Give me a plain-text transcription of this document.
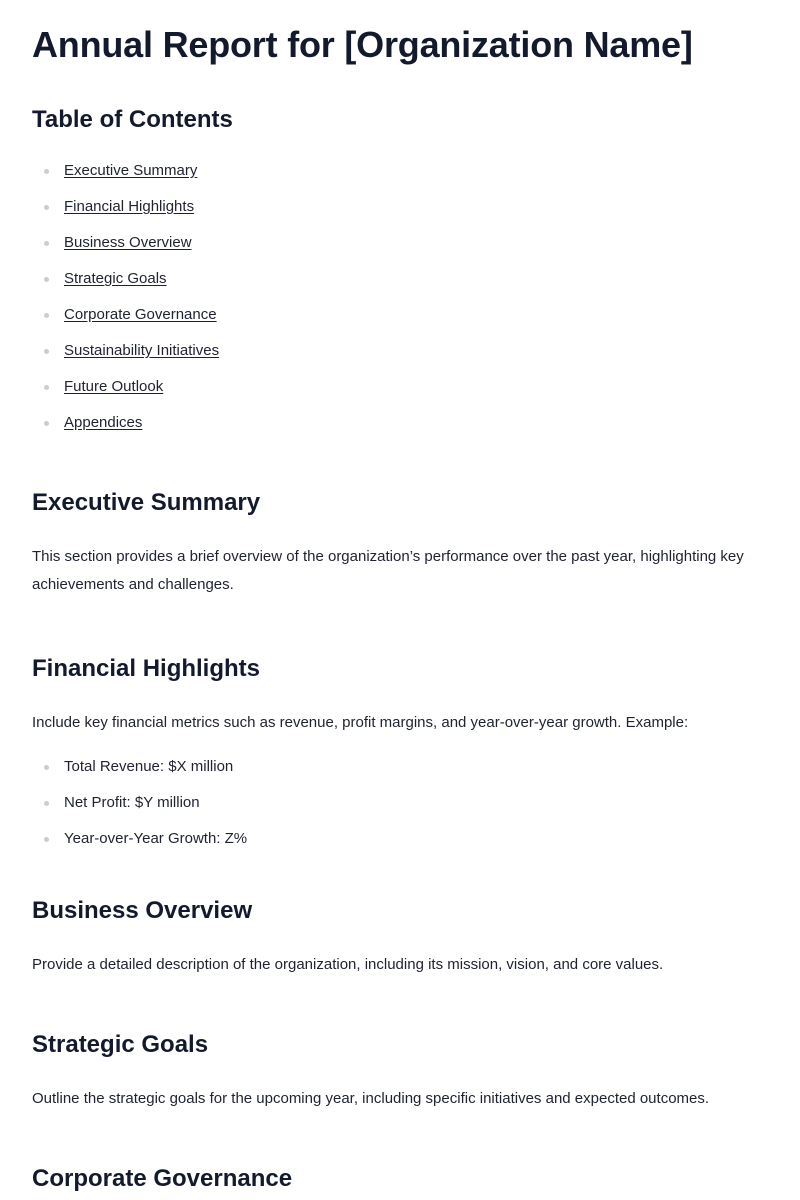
Annual Report for [Organization Name]
Table of Contents
Executive Summary
Financial Highlights
Business Overview
Strategic Goals
Corporate Governance
Sustainability Initiatives
Future Outlook
Appendices
Executive Summary

This section provides a brief overview of the organization’s performance over the past year, highlighting key achievements and challenges.

Financial Highlights

Include key financial metrics such as revenue, profit margins, and year-over-year growth. Example:

Total Revenue: $X million
Net Profit: $Y million
Year-over-Year Growth: Z%
Business Overview

Provide a detailed description of the organization, including its mission, vision, and core values.

Strategic Goals

Outline the strategic goals for the upcoming year, including specific initiatives and expected outcomes.

Corporate Governance
